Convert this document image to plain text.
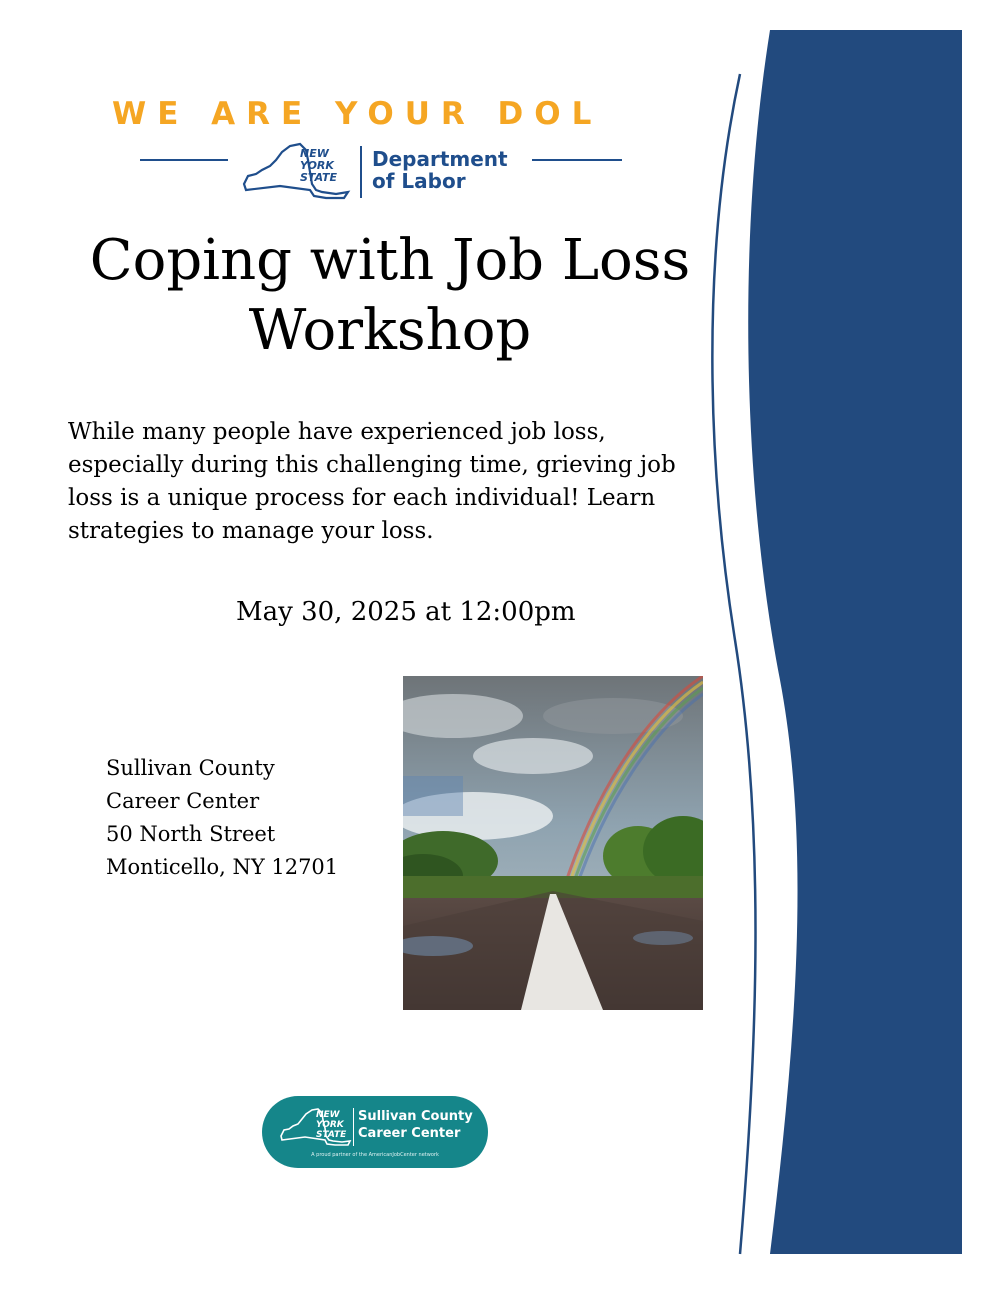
WE ARE YOUR DOL
NEW YORK STATE
Department of Labor
Coping with Job Loss Workshop
While many people have experienced job loss, especially during this challenging time, grieving job loss is a unique process for each individual! Learn strategies to manage your loss.
May 30, 2025 at 12:00pm
Sullivan County
Career Center
50 North Street
Monticello, NY 12701
NEW YORK STATE
Sullivan County Career Center
A proud partner of the AmericanJobCenter network
